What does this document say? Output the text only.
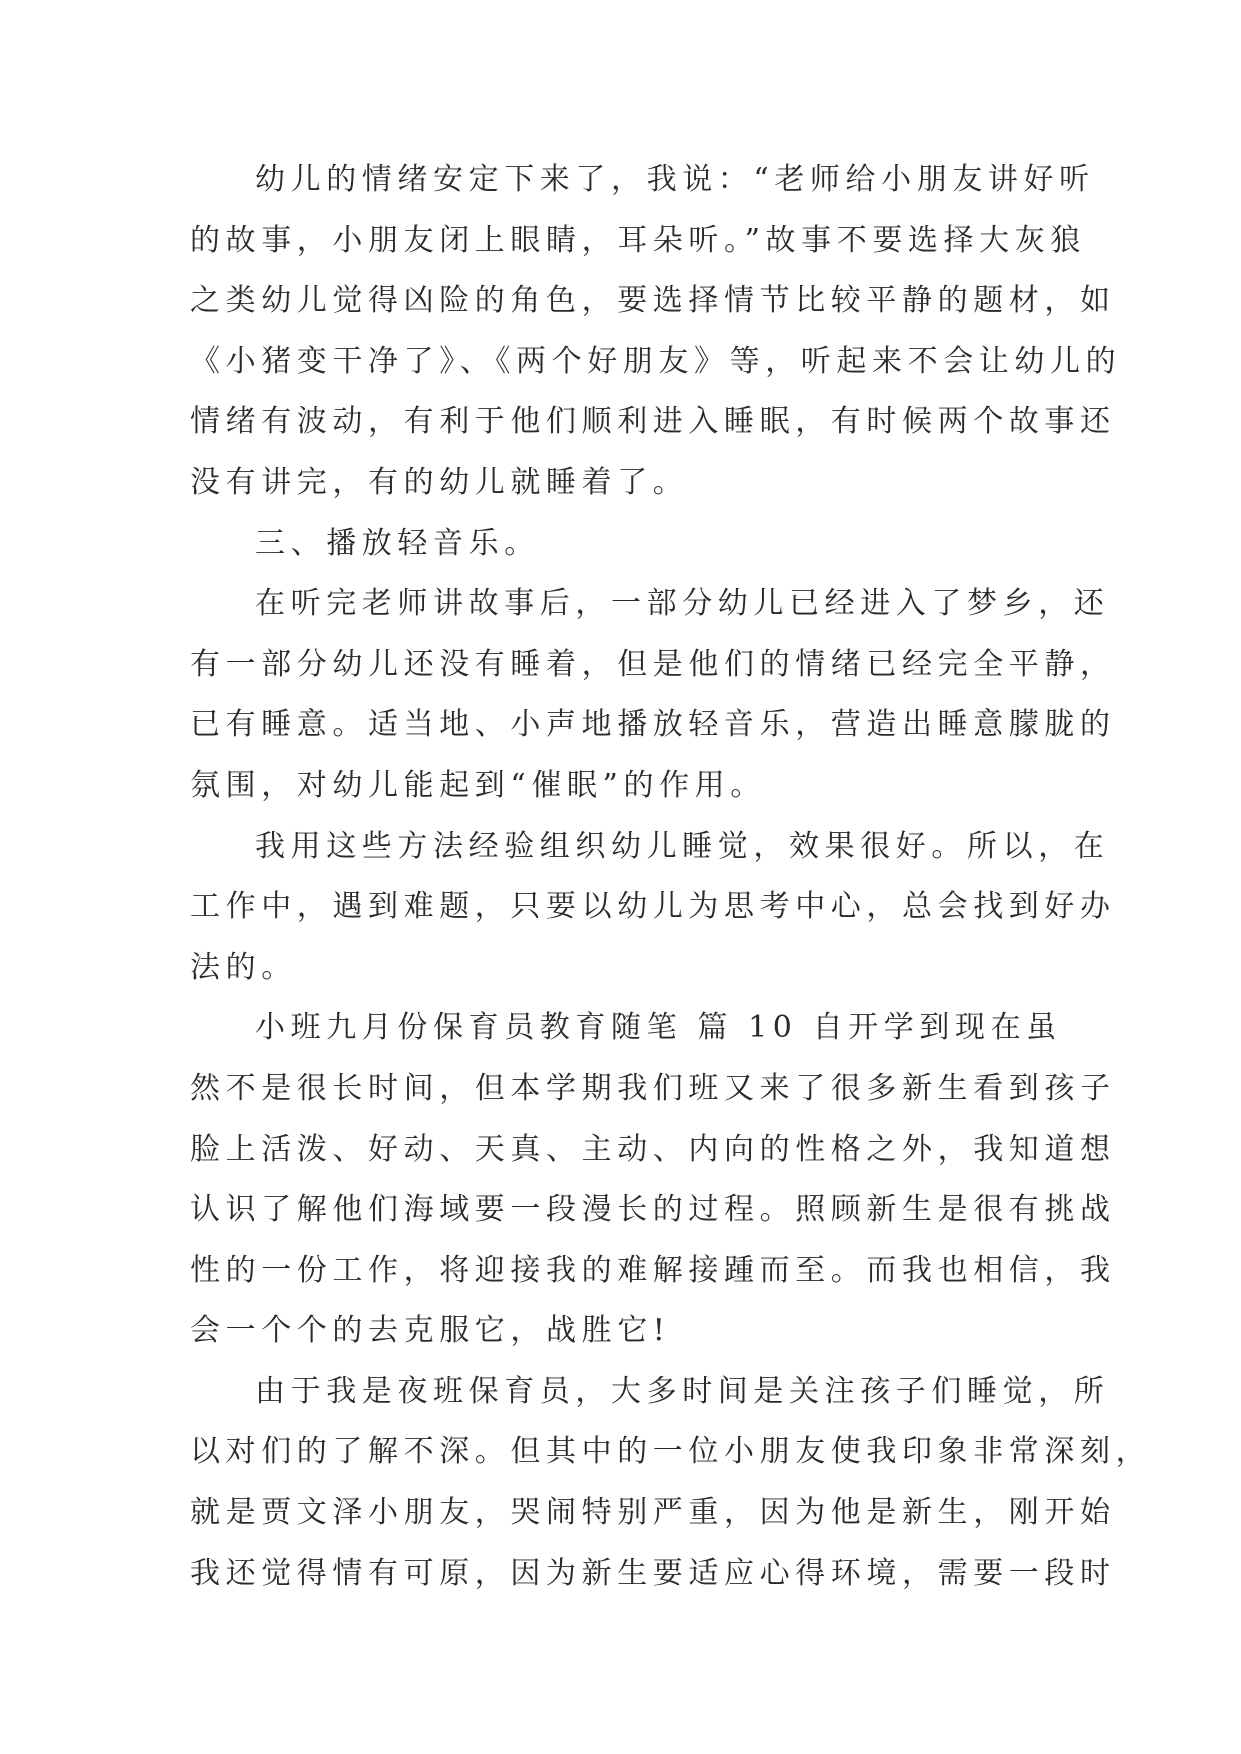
幼儿的情绪安定下来了，我说：“老师给小朋友讲好听
的故事，小朋友闭上眼睛，耳朵听。”故事不要选择大灰狼
之类幼儿觉得凶险的角色，要选择情节比较平静的题材，如
《小猪变干净了》、《两个好朋友》等，听起来不会让幼儿的
情绪有波动，有利于他们顺利进入睡眠，有时候两个故事还
没有讲完，有的幼儿就睡着了。
三、播放轻音乐。
在听完老师讲故事后，一部分幼儿已经进入了梦乡，还
有一部分幼儿还没有睡着，但是他们的情绪已经完全平静，
已有睡意。适当地、小声地播放轻音乐，营造出睡意朦胧的
氛围，对幼儿能起到“催眠”的作用。
我用这些方法经验组织幼儿睡觉，效果很好。所以，在
工作中，遇到难题，只要以幼儿为思考中心，总会找到好办
法的。
小班九月份保育员教育随笔 篇 10 自开学到现在虽
然不是很长时间，但本学期我们班又来了很多新生看到孩子
脸上活泼、好动、天真、主动、内向的性格之外，我知道想
认识了解他们海域要一段漫长的过程。照顾新生是很有挑战
性的一份工作，将迎接我的难解接踵而至。而我也相信，我
会一个个的去克服它，战胜它!
由于我是夜班保育员，大多时间是关注孩子们睡觉，所
以对们的了解不深。但其中的一位小朋友使我印象非常深刻，
就是贾文泽小朋友，哭闹特别严重，因为他是新生，刚开始
我还觉得情有可原，因为新生要适应心得环境，需要一段时
